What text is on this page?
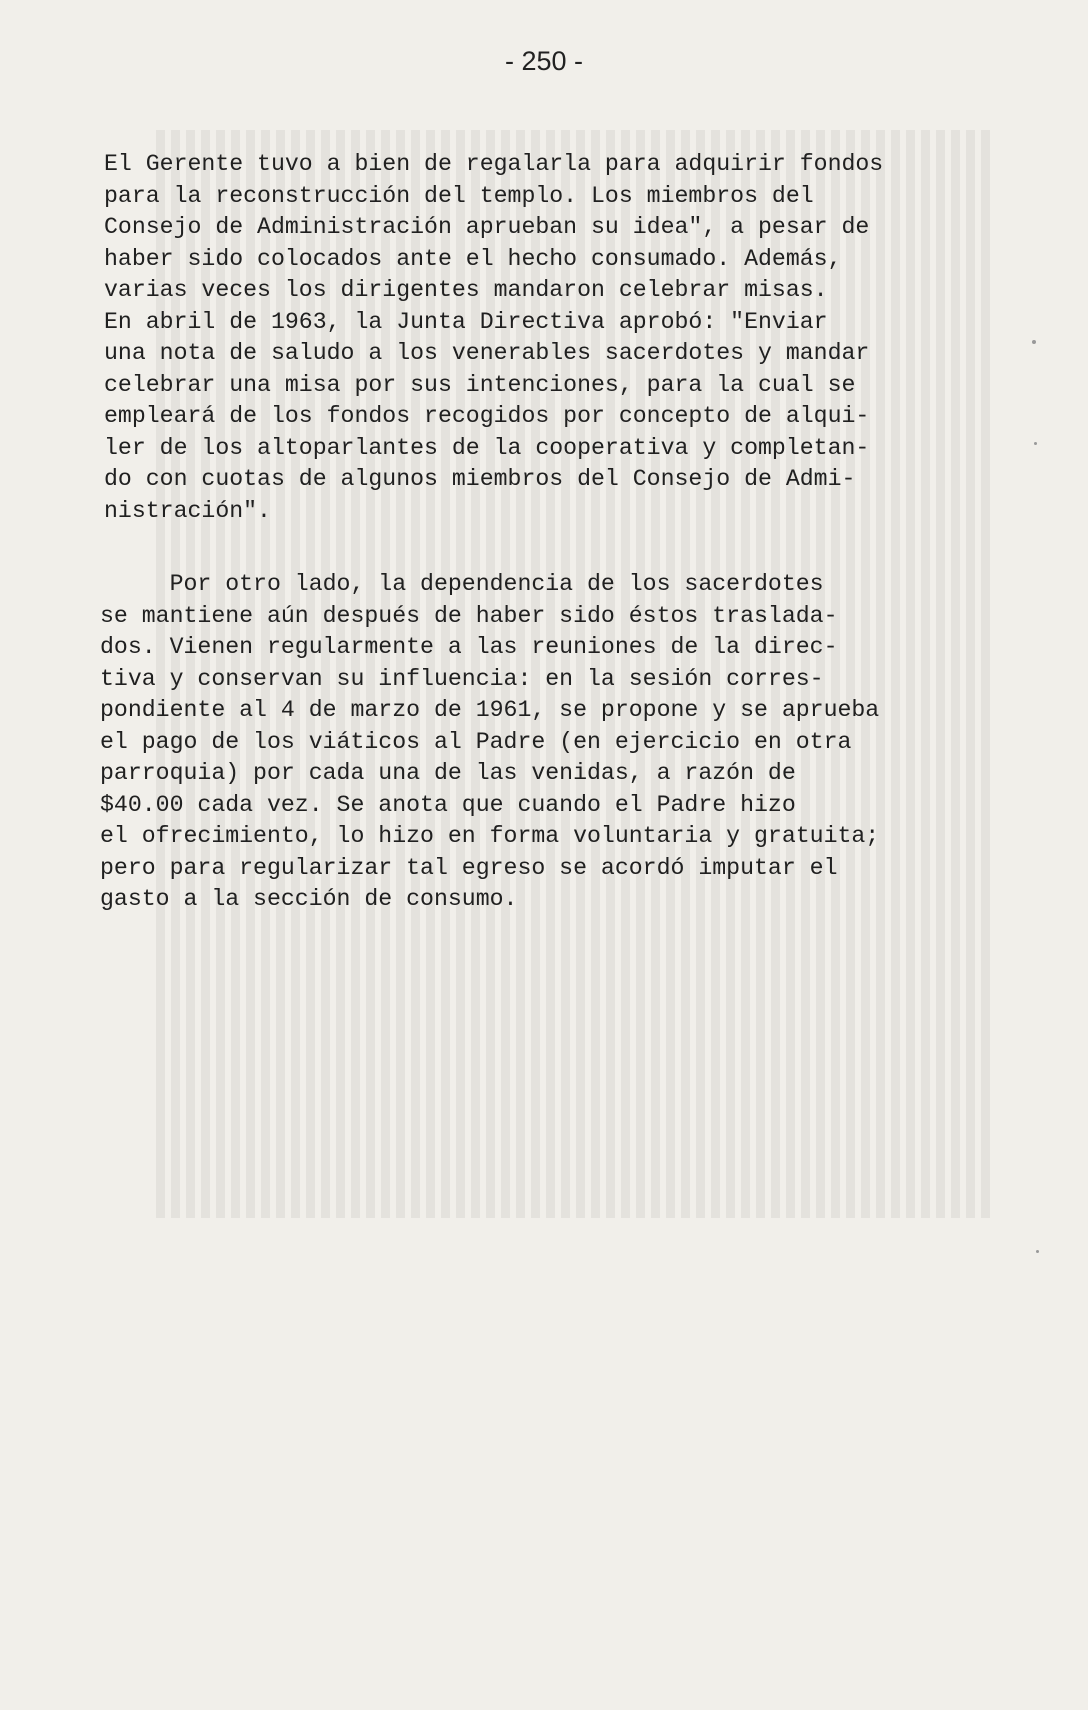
- 250 -
El Gerente tuvo a bien de regalarla para adquirir fondos
para la reconstrucción del templo. Los miembros del
Consejo de Administración aprueban su idea", a pesar de
haber sido colocados ante el hecho consumado. Además,
varias veces los dirigentes mandaron celebrar misas.
En abril de 1963, la Junta Directiva aprobó: "Enviar
una nota de saludo a los venerables sacerdotes y mandar
celebrar una misa por sus intenciones, para la cual se
empleará de los fondos recogidos por concepto de alqui-
ler de los altoparlantes de la cooperativa y completan-
do con cuotas de algunos miembros del Consejo de Admi-
nistración".
Por otro lado, la dependencia de los sacerdotes
se mantiene aún después de haber sido éstos traslada-
dos. Vienen regularmente a las reuniones de la direc-
tiva y conservan su influencia: en la sesión corres-
pondiente al 4 de marzo de 1961, se propone y se aprueba
el pago de los viáticos al Padre (en ejercicio en otra
parroquia) por cada una de las venidas, a razón de
$40.00 cada vez. Se anota que cuando el Padre hizo
el ofrecimiento, lo hizo en forma voluntaria y gratuita;
pero para regularizar tal egreso se acordó imputar el
gasto a la sección de consumo.
